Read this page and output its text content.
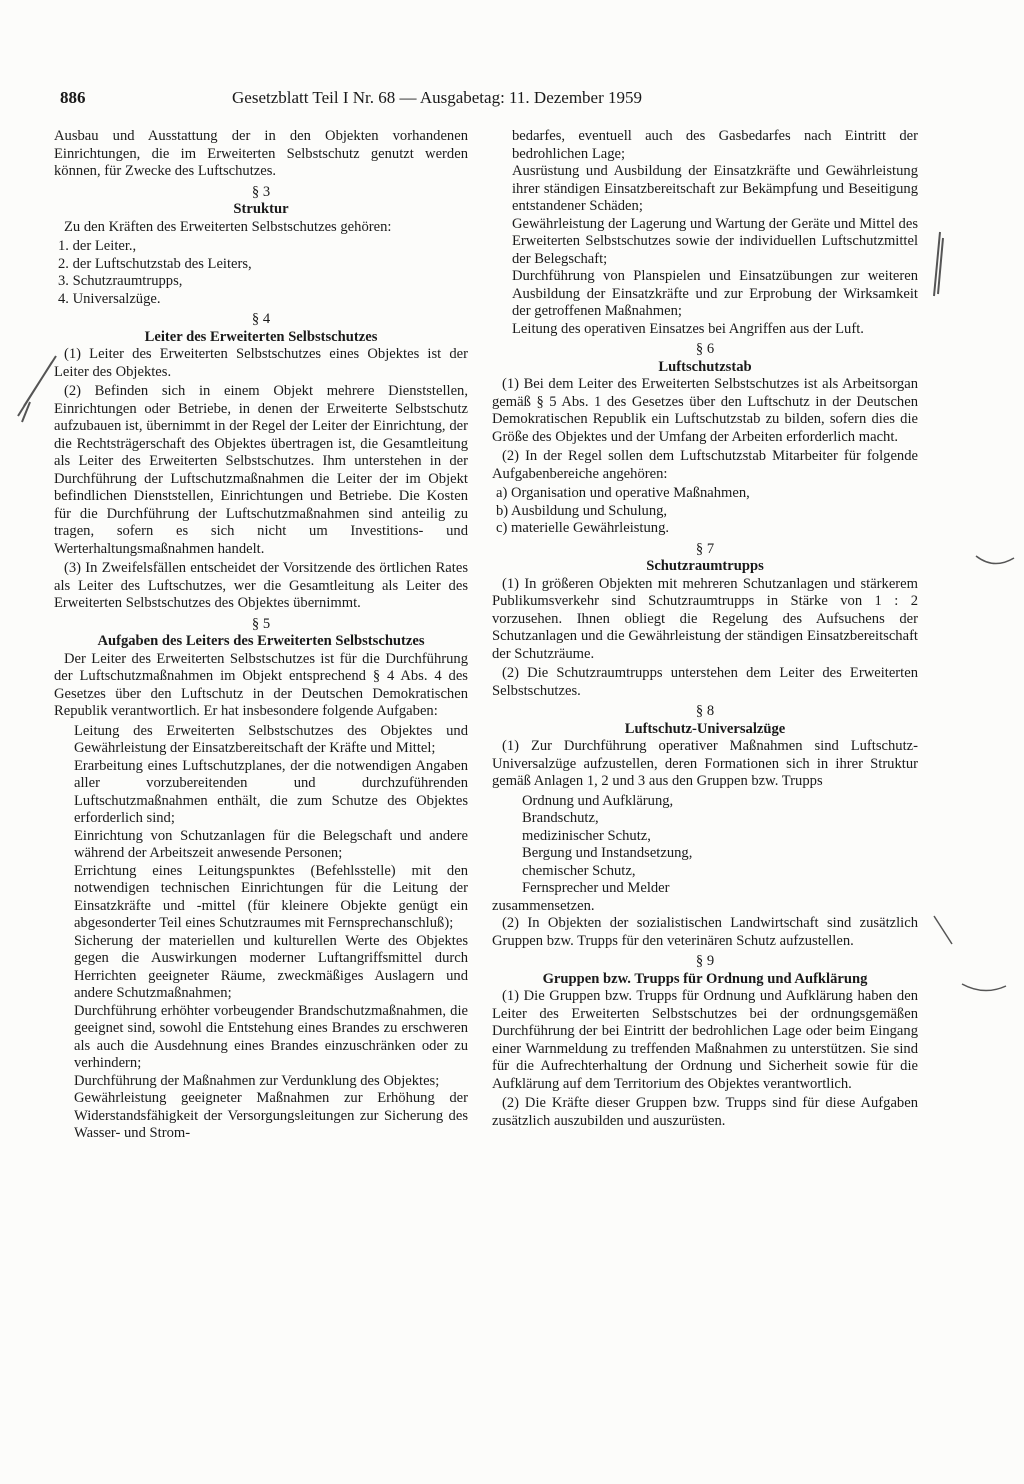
886	Gesetzblatt Teil I Nr. 68 — Ausgabetag: 11. Dezember 1959

Ausbau und Ausstattung der in den Objekten vorhandenen Einrichtungen, die im Erweiterten Selbstschutz genutzt werden können, für Zwecke des Luftschutzes.

§ 3

Struktur

Zu den Kräften des Erweiterten Selbstschutzes gehören:

1. der Leiter.,

2. der Luftschutzstab des Leiters,

3. Schutzraumtrupps,

4. Universalzüge.

§ 4

Leiter des Erweiterten Selbstschutzes

(1) Leiter des Erweiterten Selbstschutzes eines Objektes ist der Leiter des Objektes.

(2) Befinden sich in einem Objekt mehrere Dienststellen, Einrichtungen oder Betriebe, in denen der Erweiterte Selbstschutz aufzubauen ist, übernimmt in der Regel der Leiter der Einrichtung, der die Rechtsträgerschaft des Objektes übertragen ist, die Gesamtleitung als Leiter des Erweiterten Selbstschutzes. Ihm unterstehen in der Durchführung der Luftschutzmaßnahmen die Leiter der im Objekt befindlichen Dienststellen, Einrichtungen und Betriebe. Die Kosten für die Durchführung der Luftschutzmaßnahmen sind anteilig zu tragen, sofern es sich nicht um Investitions- und Werterhaltungsmaßnahmen handelt.

(3) In Zweifelsfällen entscheidet der Vorsitzende des örtlichen Rates als Leiter des Luftschutzes, wer die Gesamtleitung als Leiter des Erweiterten Selbstschutzes des Objektes übernimmt.

§ 5

Aufgaben des Leiters des Erweiterten Selbstschutzes

Der Leiter des Erweiterten Selbstschutzes ist für die Durchführung der Luftschutzmaßnahmen im Objekt entsprechend § 4 Abs. 4 des Gesetzes über den Luftschutz in der Deutschen Demokratischen Republik verantwortlich. Er hat insbesondere folgende Aufgaben:

Leitung des Erweiterten Selbstschutzes des Objektes und Gewährleistung der Einsatzbereitschaft der Kräfte und Mittel;

Erarbeitung eines Luftschutzplanes, der die notwendigen Angaben aller vorzubereitenden und durchzuführenden Luftschutzmaßnahmen enthält, die zum Schutze des Objektes erforderlich sind;

Einrichtung von Schutzanlagen für die Belegschaft und andere während der Arbeitszeit anwesende Personen;

Errichtung eines Leitungspunktes (Befehlsstelle) mit den notwendigen technischen Einrichtungen für die Leitung der Einsatzkräfte und -mittel (für kleinere Objekte genügt ein abgesonderter Teil eines Schutzraumes mit Fernsprechanschluß);

Sicherung der materiellen und kulturellen Werte des Objektes gegen die Auswirkungen moderner Luftangriffsmittel durch Herrichten geeigneter Räume, zweckmäßiges Auslagern und andere Schutzmaßnahmen;

Durchführung erhöhter vorbeugender Brandschutzmaßnahmen, die geeignet sind, sowohl die Entstehung eines Brandes zu erschweren als auch die Ausdehnung eines Brandes einzuschränken oder zu verhindern;

Durchführung der Maßnahmen zur Verdunklung des Objektes;

Gewährleistung geeigneter Maßnahmen zur Erhöhung der Widerstandsfähigkeit der Versorgungsleitungen zur Sicherung des Wasser- und Strom-

bedarfes, eventuell auch des Gasbedarfes nach Eintritt der bedrohlichen Lage;

Ausrüstung und Ausbildung der Einsatzkräfte und Gewährleistung ihrer ständigen Einsatzbereitschaft zur Bekämpfung und Beseitigung entstandener Schäden;

Gewährleistung der Lagerung und Wartung der Geräte und Mittel des Erweiterten Selbstschutzes sowie der individuellen Luftschutzmittel der Belegschaft;

Durchführung von Planspielen und Einsatzübungen zur weiteren Ausbildung der Einsatzkräfte und zur Erprobung der Wirksamkeit der getroffenen Maßnahmen;

Leitung des operativen Einsatzes bei Angriffen aus der Luft.

§ 6

Luftschutzstab

(1) Bei dem Leiter des Erweiterten Selbstschutzes ist als Arbeitsorgan gemäß § 5 Abs. 1 des Gesetzes über den Luftschutz in der Deutschen Demokratischen Republik ein Luftschutzstab zu bilden, sofern dies die Größe des Objektes und der Umfang der Arbeiten erforderlich macht.

(2) In der Regel sollen dem Luftschutzstab Mitarbeiter für folgende Aufgabenbereiche angehören:

a) Organisation und operative Maßnahmen,

b) Ausbildung und Schulung,

c) materielle Gewährleistung.

§ 7

Schutzraumtrupps

(1) In größeren Objekten mit mehreren Schutzanlagen und stärkerem Publikumsverkehr sind Schutzraumtrupps in Stärke von 1 : 2 vorzusehen. Ihnen obliegt die Regelung des Aufsuchens der Schutzanlagen und die Gewährleistung der ständigen Einsatzbereitschaft der Schutzräume.

(2) Die Schutzraumtrupps unterstehen dem Leiter des Erweiterten Selbstschutzes.

§ 8

Luftschutz-Universalzüge

(1) Zur Durchführung operativer Maßnahmen sind Luftschutz-Universalzüge aufzustellen, deren Formationen sich in ihrer Struktur gemäß Anlagen 1, 2 und 3 aus den Gruppen bzw. Trupps

Ordnung und Aufklärung,

Brandschutz,

medizinischer Schutz,

Bergung und Instandsetzung,

chemischer Schutz,

Fernsprecher und Melder

zusammensetzen.

(2) In Objekten der sozialistischen Landwirtschaft sind zusätzlich Gruppen bzw. Trupps für den veterinären Schutz aufzustellen.

§ 9

Gruppen bzw. Trupps für Ordnung und Aufklärung

(1) Die Gruppen bzw. Trupps für Ordnung und Aufklärung haben den Leiter des Erweiterten Selbstschutzes bei der ordnungsgemäßen Durchführung der bei Eintritt der bedrohlichen Lage oder beim Eingang einer Warnmeldung zu treffenden Maßnahmen zu unterstützen. Sie sind für die Aufrechterhaltung der Ordnung und Sicherheit sowie für die Aufklärung auf dem Territorium des Objektes verantwortlich.

(2) Die Kräfte dieser Gruppen bzw. Trupps sind für diese Aufgaben zusätzlich auszubilden und auszurüsten.
